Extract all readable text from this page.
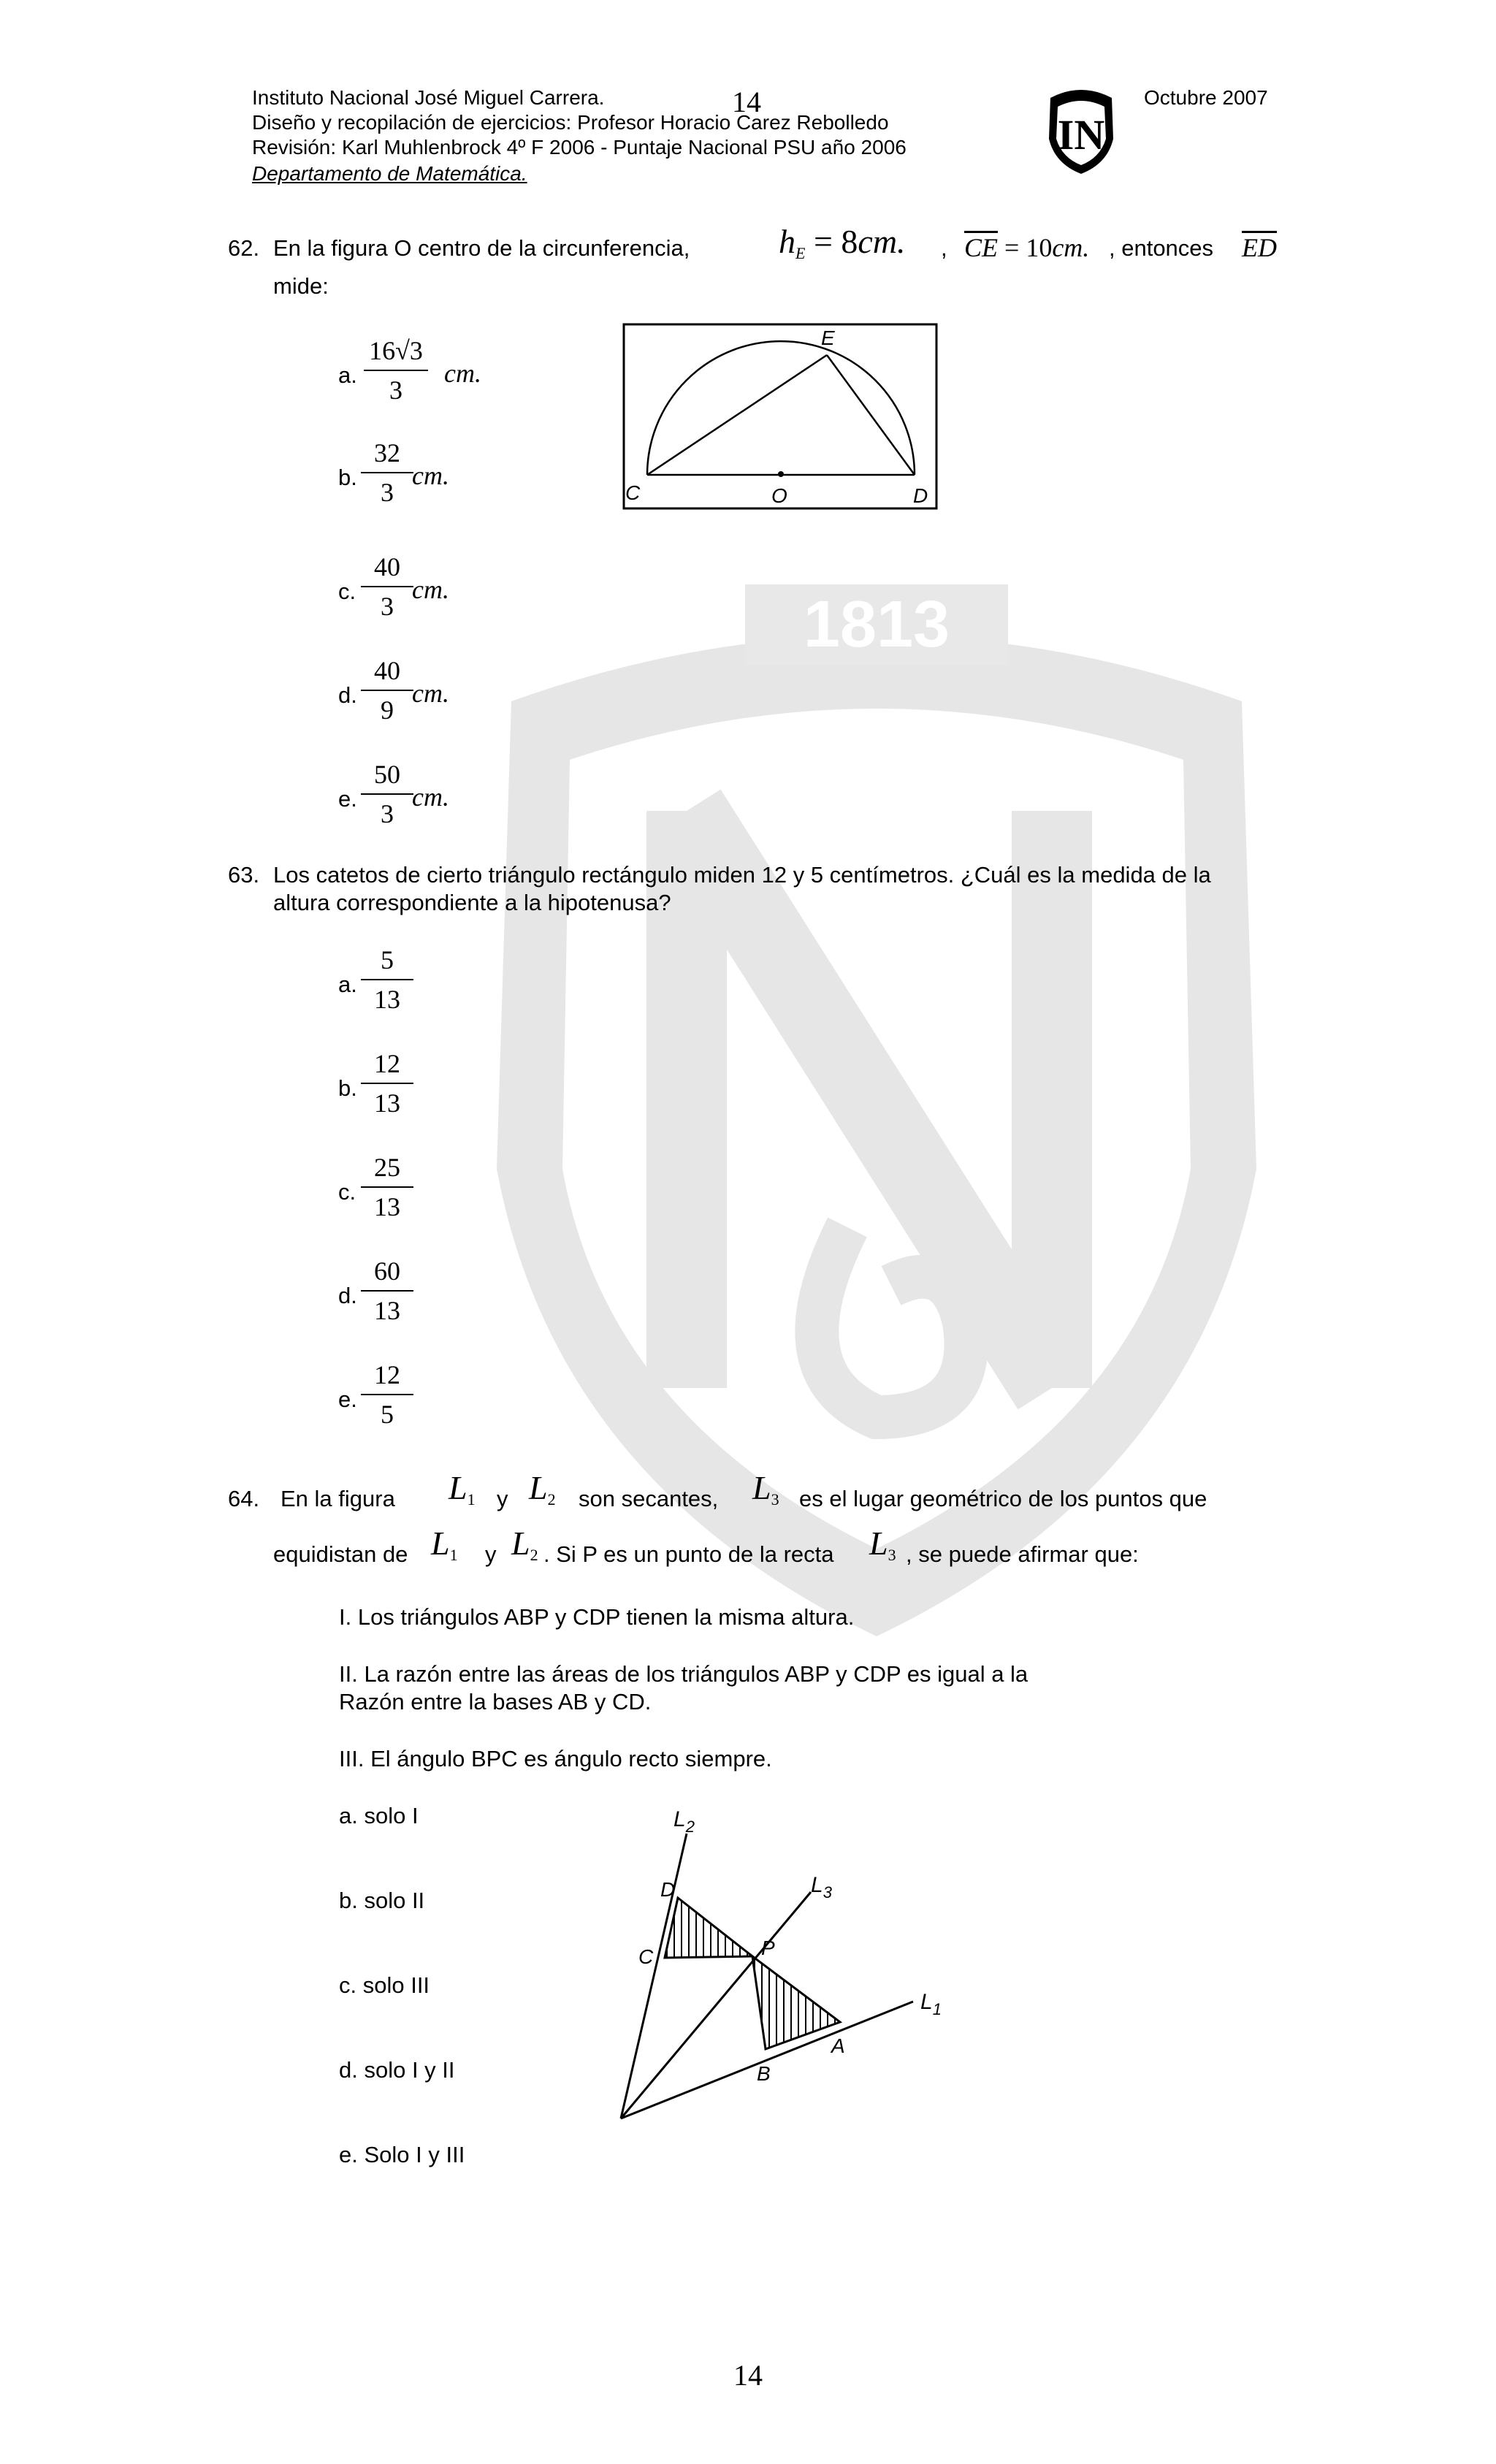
1813
Instituto Nacional José Miguel Carrera.	14	Octubre 2007
Diseño y recopilación de ejercicios: Profesor Horacio Carez Rebolledo
Revisión: Karl Muhlenbrock 4º F 2006 - Puntaje Nacional PSU año 2006
Departamento de Matemática.
IN
62. En la figura O centro de la circunferencia,	$h_E = 8cm$. , $\overline{CE} = 10cm$. , entonces $\overline{ED}$
mide:
E
C	O	D
a.
16√3
3
cm.
b.
32
3
cm.
c.
40
3
cm.
d.
40
9
cm.
e.
50
3
cm.
63. Los catetos de cierto triángulo rectángulo miden 12 y 5 centímetros. ¿Cuál es la medida de la
altura correspondiente a la hipotenusa?
a.
5
13
b.
12
13
c.
25
13
d.
60
13
e.
12
5
64. En la figura $L_1$ y $L_2$ son secantes, $L_3$ es el lugar geométrico de los puntos que
equidistan de $L_1$ y $L_2$ . Si P es un punto de la recta $L_3$ , se puede afirmar que:
I. Los triángulos ABP y CDP tienen la misma altura.
II. La razón entre las áreas de los triángulos ABP y CDP es igual a la
Razón entre la bases AB y CD.
III. El ángulo BPC es ángulo recto siempre.
a. solo I
b. solo II
c. solo III
d. solo I y II
e. Solo I y III
$L_2$
$L_3$
$L_1$
D
C	P
A
B
14
